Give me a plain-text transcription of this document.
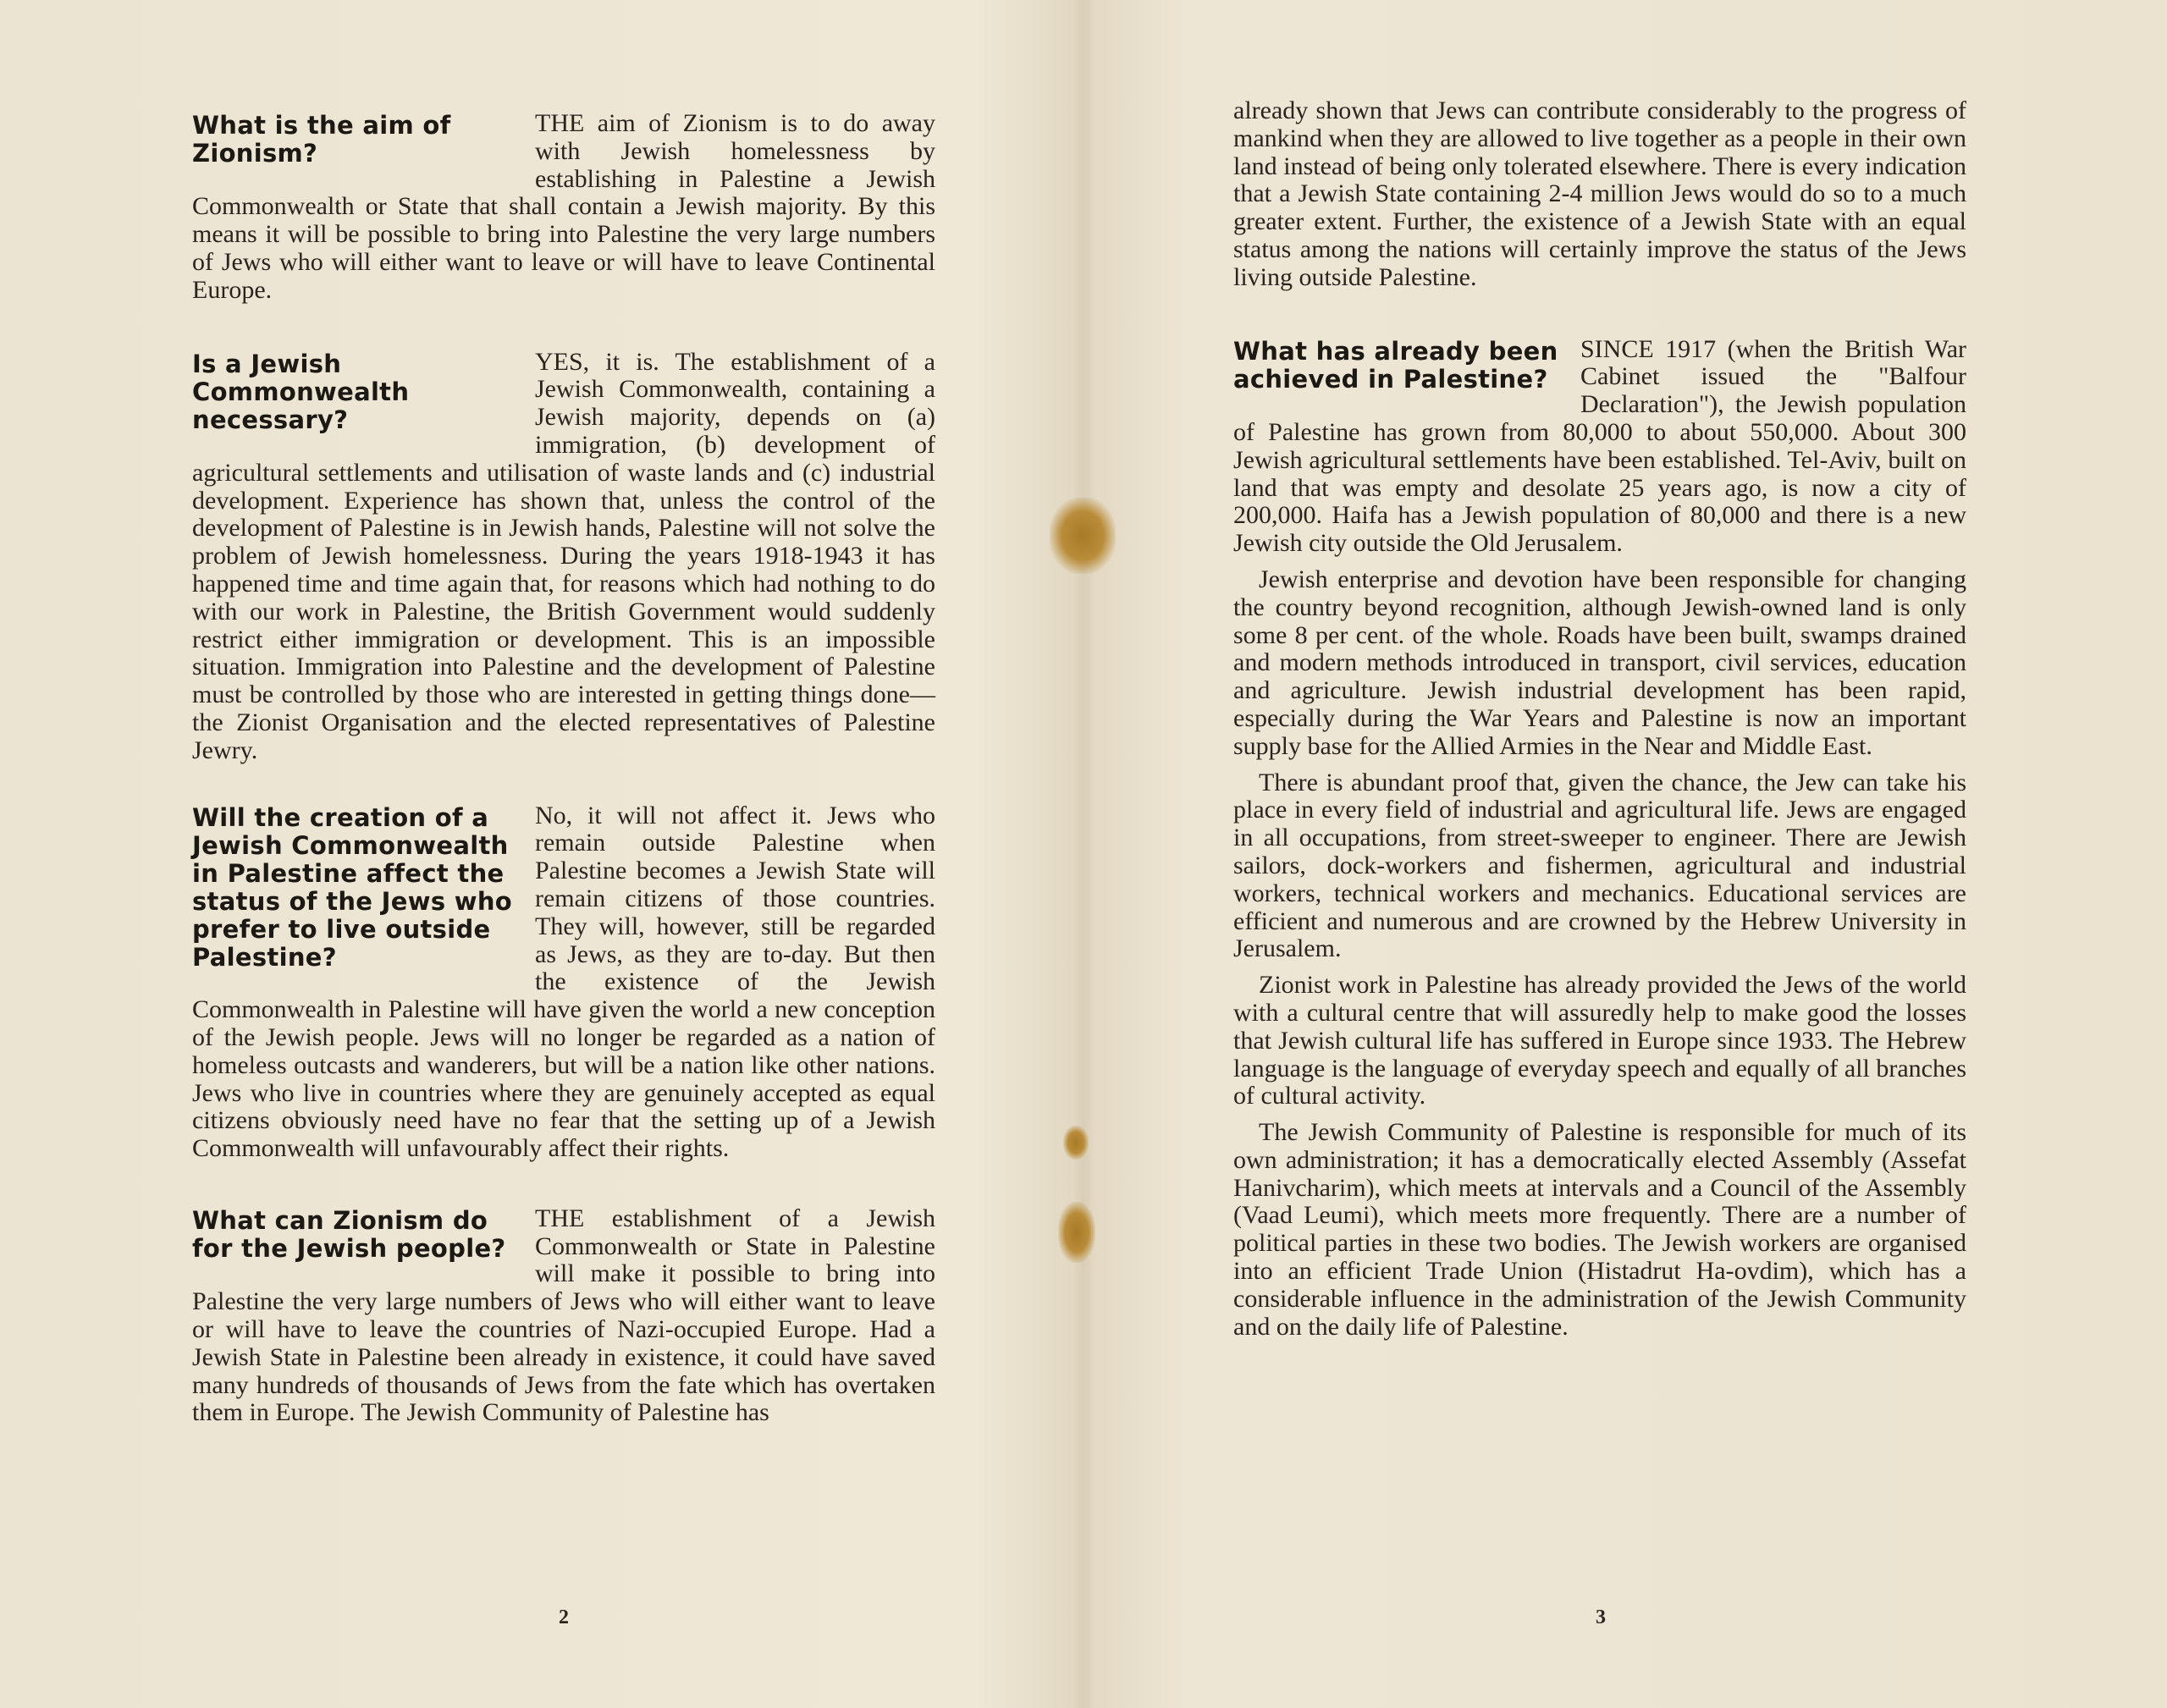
What is the aim of Zionism?
THE aim of Zionism is to do away with Jewish homelessness by establishing in Palestine a Jewish Commonwealth or State that shall contain a Jewish majority. By this means it will be possible to bring into Palestine the very large numbers of Jews who will either want to leave or will have to leave Continental Europe.
Is a Jewish Commonwealth necessary?
YES, it is. The establishment of a Jewish Commonwealth, containing a Jewish majority, depends on (a) immigration, (b) development of agricultural settlements and utilisation of waste lands and (c) industrial development. Experience has shown that, unless the control of the development of Palestine is in Jewish hands, Palestine will not solve the problem of Jewish homelessness. During the years 1918-1943 it has happened time and time again that, for reasons which had nothing to do with our work in Palestine, the British Government would suddenly restrict either immigration or development. This is an impossible situation. Immigration into Palestine and the development of Palestine must be controlled by those who are interested in getting things done—the Zionist Organisation and the elected representatives of Palestine Jewry.
Will the creation of a Jewish Commonwealth in Palestine affect the status of the Jews who prefer to live outside Palestine?
No, it will not affect it. Jews who remain outside Palestine when Palestine becomes a Jewish State will remain citizens of those countries. They will, however, still be regarded as Jews, as they are to-day. But then the existence of the Jewish Commonwealth in Palestine will have given the world a new conception of the Jewish people. Jews will no longer be regarded as a nation of homeless outcasts and wanderers, but will be a nation like other nations. Jews who live in countries where they are genuinely accepted as equal citizens obviously need have no fear that the setting up of a Jewish Commonwealth will unfavourably affect their rights.
What can Zionism do for the Jewish people?
THE establishment of a Jewish Commonwealth or State in Palestine will make it possible to bring into Palestine the very large numbers of Jews who will either want to leave or will have to leave the countries of Nazi-occupied Europe. Had a Jewish State in Palestine been already in existence, it could have saved many hundreds of thousands of Jews from the fate which has overtaken them in Europe. The Jewish Community of Palestine has
2

already shown that Jews can contribute considerably to the progress of mankind when they are allowed to live together as a people in their own land instead of being only tolerated elsewhere. There is every indication that a Jewish State containing 2-4 million Jews would do so to a much greater extent. Further, the existence of a Jewish State with an equal status among the nations will certainly improve the status of the Jews living outside Palestine.

What has already been achieved in Palestine?
SINCE 1917 (when the British War Cabinet issued the "Balfour Declaration"), the Jewish population of Palestine has grown from 80,000 to about 550,000. About 300 Jewish agricultural settlements have been established. Tel-Aviv, built on land that was empty and desolate 25 years ago, is now a city of 200,000. Haifa has a Jewish population of 80,000 and there is a new Jewish city outside the Old Jerusalem.

Jewish enterprise and devotion have been responsible for changing the country beyond recognition, although Jewish-owned land is only some 8 per cent. of the whole. Roads have been built, swamps drained and modern methods introduced in transport, civil services, education and agriculture. Jewish industrial development has been rapid, especially during the War Years and Palestine is now an important supply base for the Allied Armies in the Near and Middle East.

There is abundant proof that, given the chance, the Jew can take his place in every field of industrial and agricultural life. Jews are engaged in all occupations, from street-sweeper to engineer. There are Jewish sailors, dock-workers and fishermen, agricultural and industrial workers, technical workers and mechanics. Educational services are efficient and numerous and are crowned by the Hebrew University in Jerusalem.

Zionist work in Palestine has already provided the Jews of the world with a cultural centre that will assuredly help to make good the losses that Jewish cultural life has suffered in Europe since 1933. The Hebrew language is the language of everyday speech and equally of all branches of cultural activity.

The Jewish Community of Palestine is responsible for much of its own administration; it has a democratically elected Assembly (Assefat Hanivcharim), which meets at intervals and a Council of the Assembly (Vaad Leumi), which meets more frequently. There are a number of political parties in these two bodies. The Jewish workers are organised into an efficient Trade Union (Histadrut Ha-ovdim), which has a considerable influence in the administration of the Jewish Community and on the daily life of Palestine.

3
